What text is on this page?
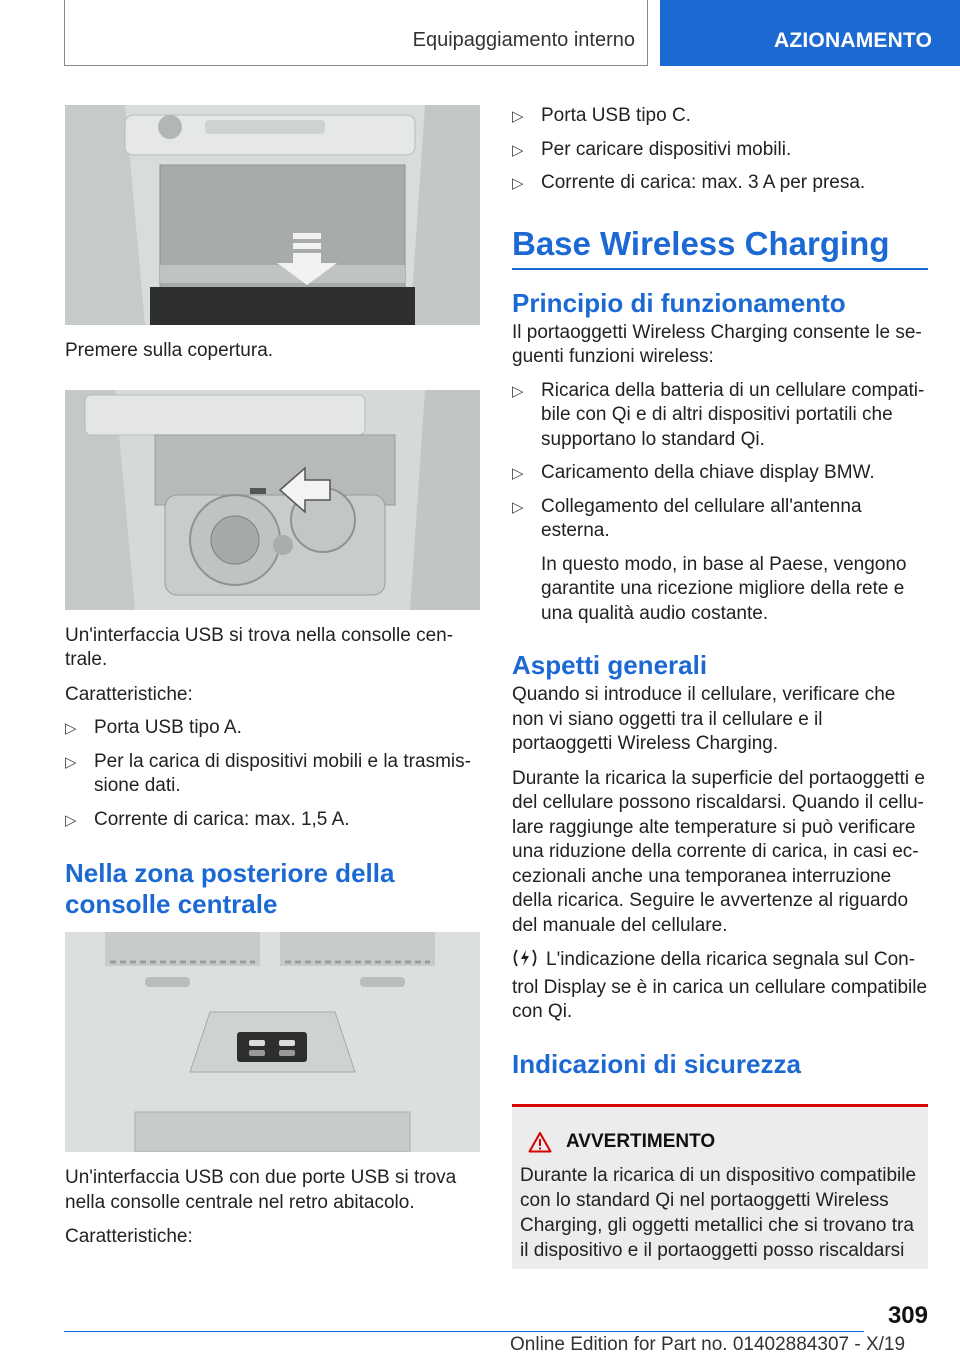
Equipaggiamento interno	AZIONAMENTO

Premere sulla copertura.

Un'interfaccia USB si trova nella consolle cen-trale.

Caratteristiche:

▷ Porta USB tipo A.
▷ Per la carica di dispositivi mobili e la trasmis-sione dati.
▷ Corrente di carica: max. 1,5 A.
Nella zona posteriore della consolle centrale

Un'interfaccia USB con due porte USB si trova nella consolle centrale nel retro abitacolo.

Caratteristiche:

▷ Porta USB tipo C.
▷ Per caricare dispositivi mobili.
▷ Corrente di carica: max. 3 A per presa.
Base Wireless Charging
Principio di funzionamento

Il portaoggetti Wireless Charging consente le se-guenti funzioni wireless:

▷ Ricarica della batteria di un cellulare compati-bile con Qi e di altri dispositivi portatili che supportano lo standard Qi.
▷ Caricamento della chiave display BMW.
▷ Collegamento del cellulare all'antenna esterna.

In questo modo, in base al Paese, vengono garantite una ricezione migliore della rete e una qualità audio costante.

Aspetti generali

Quando si introduce il cellulare, verificare che non vi siano oggetti tra il cellulare e il portaoggetti Wireless Charging.

Durante la ricarica la superficie del portaoggetti e del cellulare possono riscaldarsi. Quando il cellu-lare raggiunge alte temperature si può verificare una riduzione della corrente di carica, in casi ec-cezionali anche una temporanea interruzione della ricarica. Seguire le avvertenze al riguardo del manuale del cellulare.

L'indicazione della ricarica segnala sul Con-trol Display se è in carica un cellulare compatibile con Qi.

Indicazioni di sicurezza
AVVERTIMENTO

Durante la ricarica di un dispositivo compatibile con lo standard Qi nel portaoggetti Wireless Charging, gli oggetti metallici che si trovano tra il dispositivo e il portaoggetti posso riscaldarsi

309
Online Edition for Part no. 01402884307 - X/19
